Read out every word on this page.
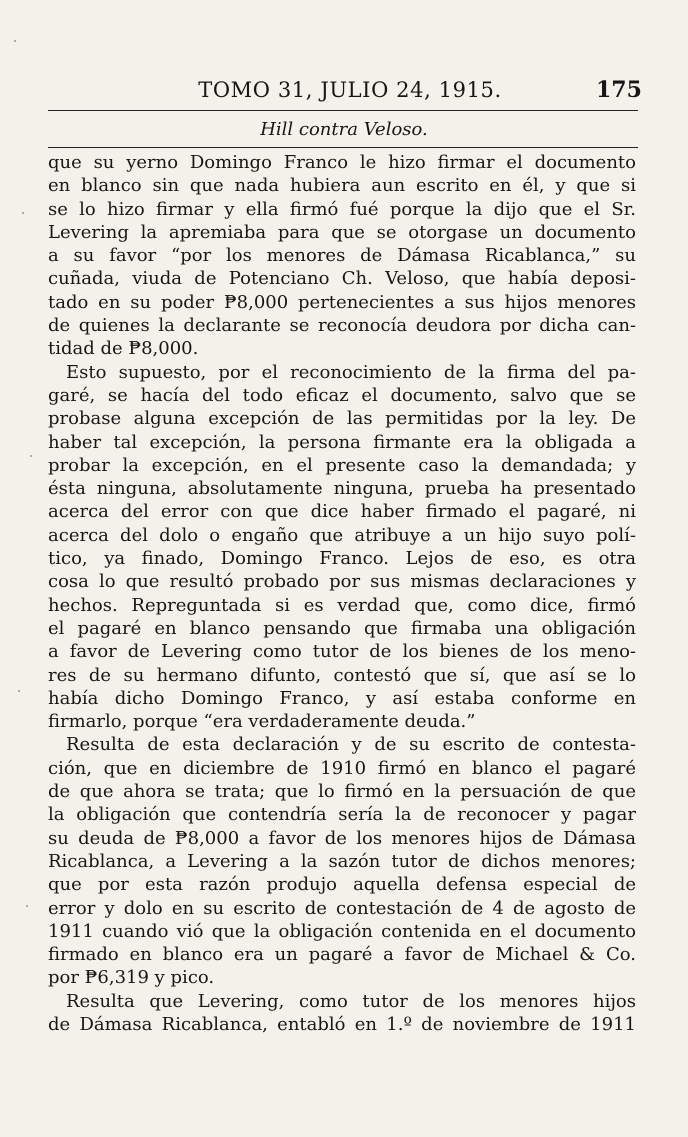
TOMO 31, JULIO 24, 1915.	175
Hill contra Veloso.
que su yerno Domingo Franco le hizo firmar el documento
en blanco sin que nada hubiera aun escrito en él, y que si
se lo hizo firmar y ella firmó fué porque la dijo que el Sr.
Levering la apremiaba para que se otorgase un documento
a su favor “por los menores de Dámasa Ricablanca,” su
cuñada, viuda de Potenciano Ch. Veloso, que había deposi-
tado en su poder ₱8,000 pertenecientes a sus hijos menores
de quienes la declarante se reconocía deudora por dicha can-
tidad de ₱8,000.
Esto supuesto, por el reconocimiento de la firma del pa-
garé, se hacía del todo eficaz el documento, salvo que se
probase alguna excepción de las permitidas por la ley. De
haber tal excepción, la persona firmante era la obligada a
probar la excepción, en el presente caso la demandada; y
ésta ninguna, absolutamente ninguna, prueba ha presentado
acerca del error con que dice haber firmado el pagaré, ni
acerca del dolo o engaño que atribuye a un hijo suyo polí-
tico, ya finado, Domingo Franco. Lejos de eso, es otra
cosa lo que resultó probado por sus mismas declaraciones y
hechos. Repreguntada si es verdad que, como dice, firmó
el pagaré en blanco pensando que firmaba una obligación
a favor de Levering como tutor de los bienes de los meno-
res de su hermano difunto, contestó que sí, que así se lo
había dicho Domingo Franco, y así estaba conforme en
firmarlo, porque “era verdaderamente deuda.”
Resulta de esta declaración y de su escrito de contesta-
ción, que en diciembre de 1910 firmó en blanco el pagaré
de que ahora se trata; que lo firmó en la persuación de que
la obligación que contendría sería la de reconocer y pagar
su deuda de ₱8,000 a favor de los menores hijos de Dámasa
Ricablanca, a Levering a la sazón tutor de dichos menores;
que por esta razón produjo aquella defensa especial de
error y dolo en su escrito de contestación de 4 de agosto de
1911 cuando vió que la obligación contenida en el documento
firmado en blanco era un pagaré a favor de Michael & Co.
por ₱6,319 y pico.
Resulta que Levering, como tutor de los menores hijos
de Dámasa Ricablanca, entabló en 1.º de noviembre de 1911
